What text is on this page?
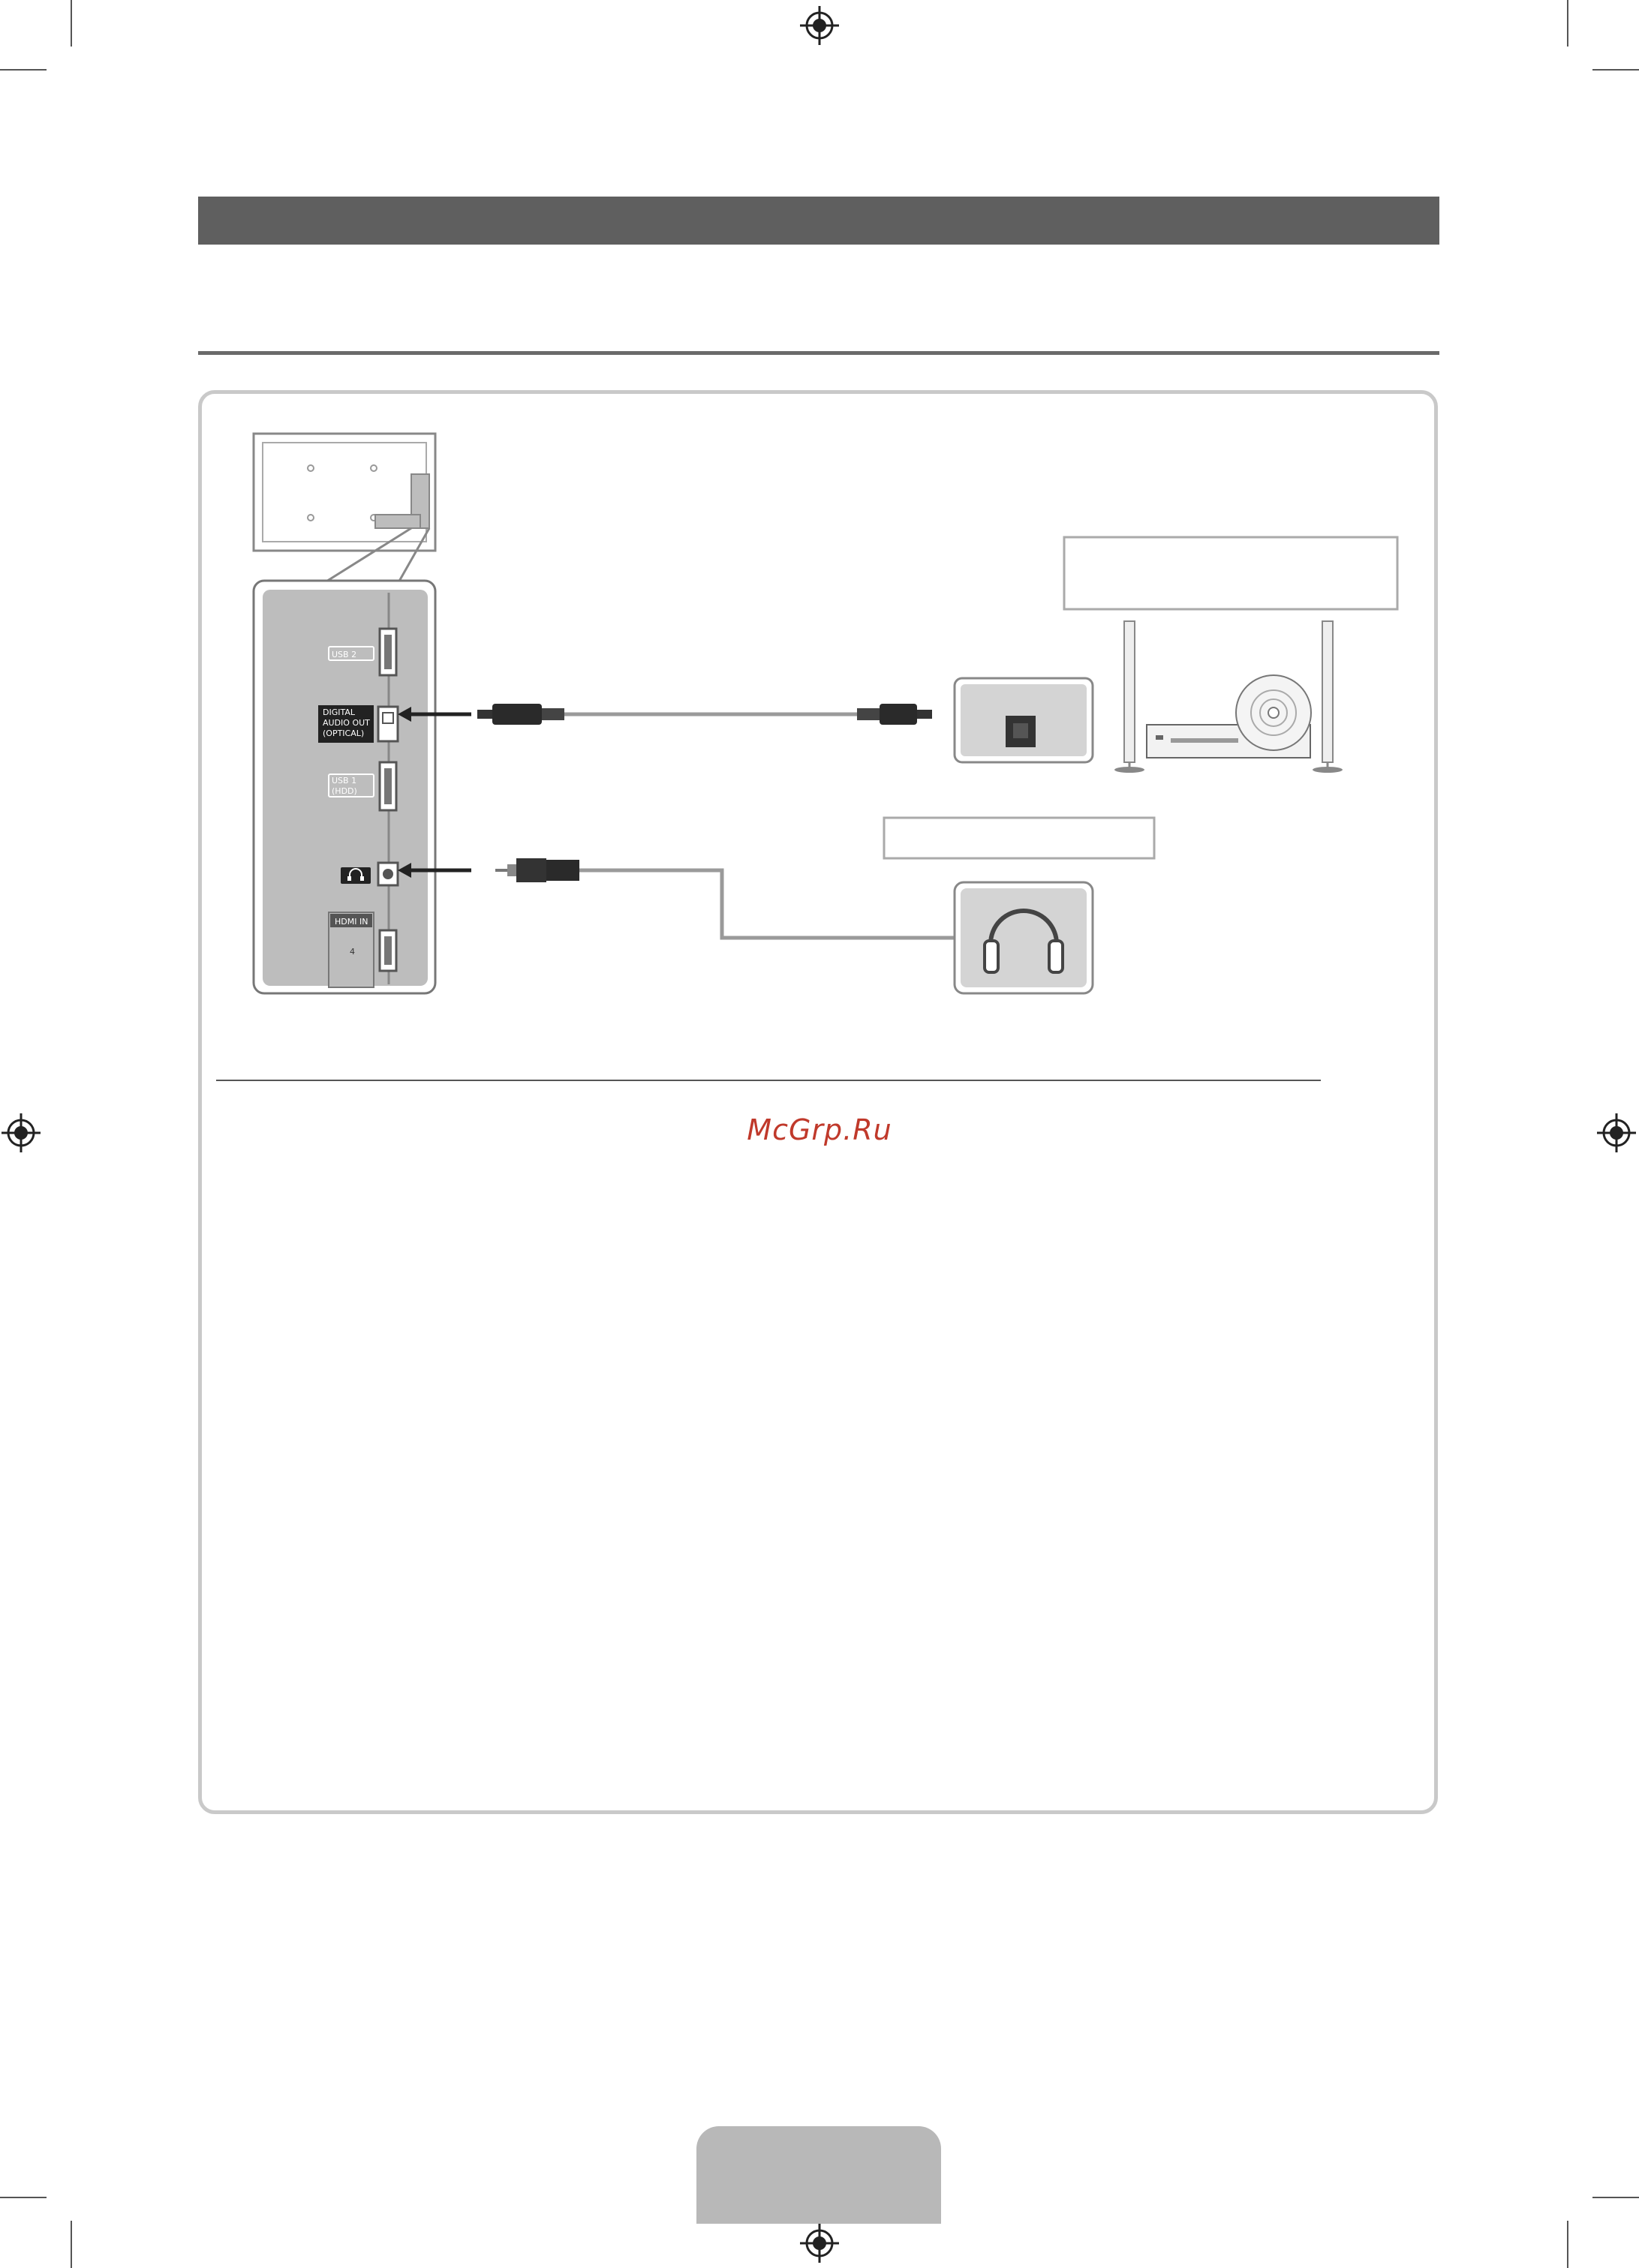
USB 2
DIGITAL
AUDIO OUT
(OPTICAL)
USB 1
(HDD)
HDMI IN
4
McGrp.Ru
